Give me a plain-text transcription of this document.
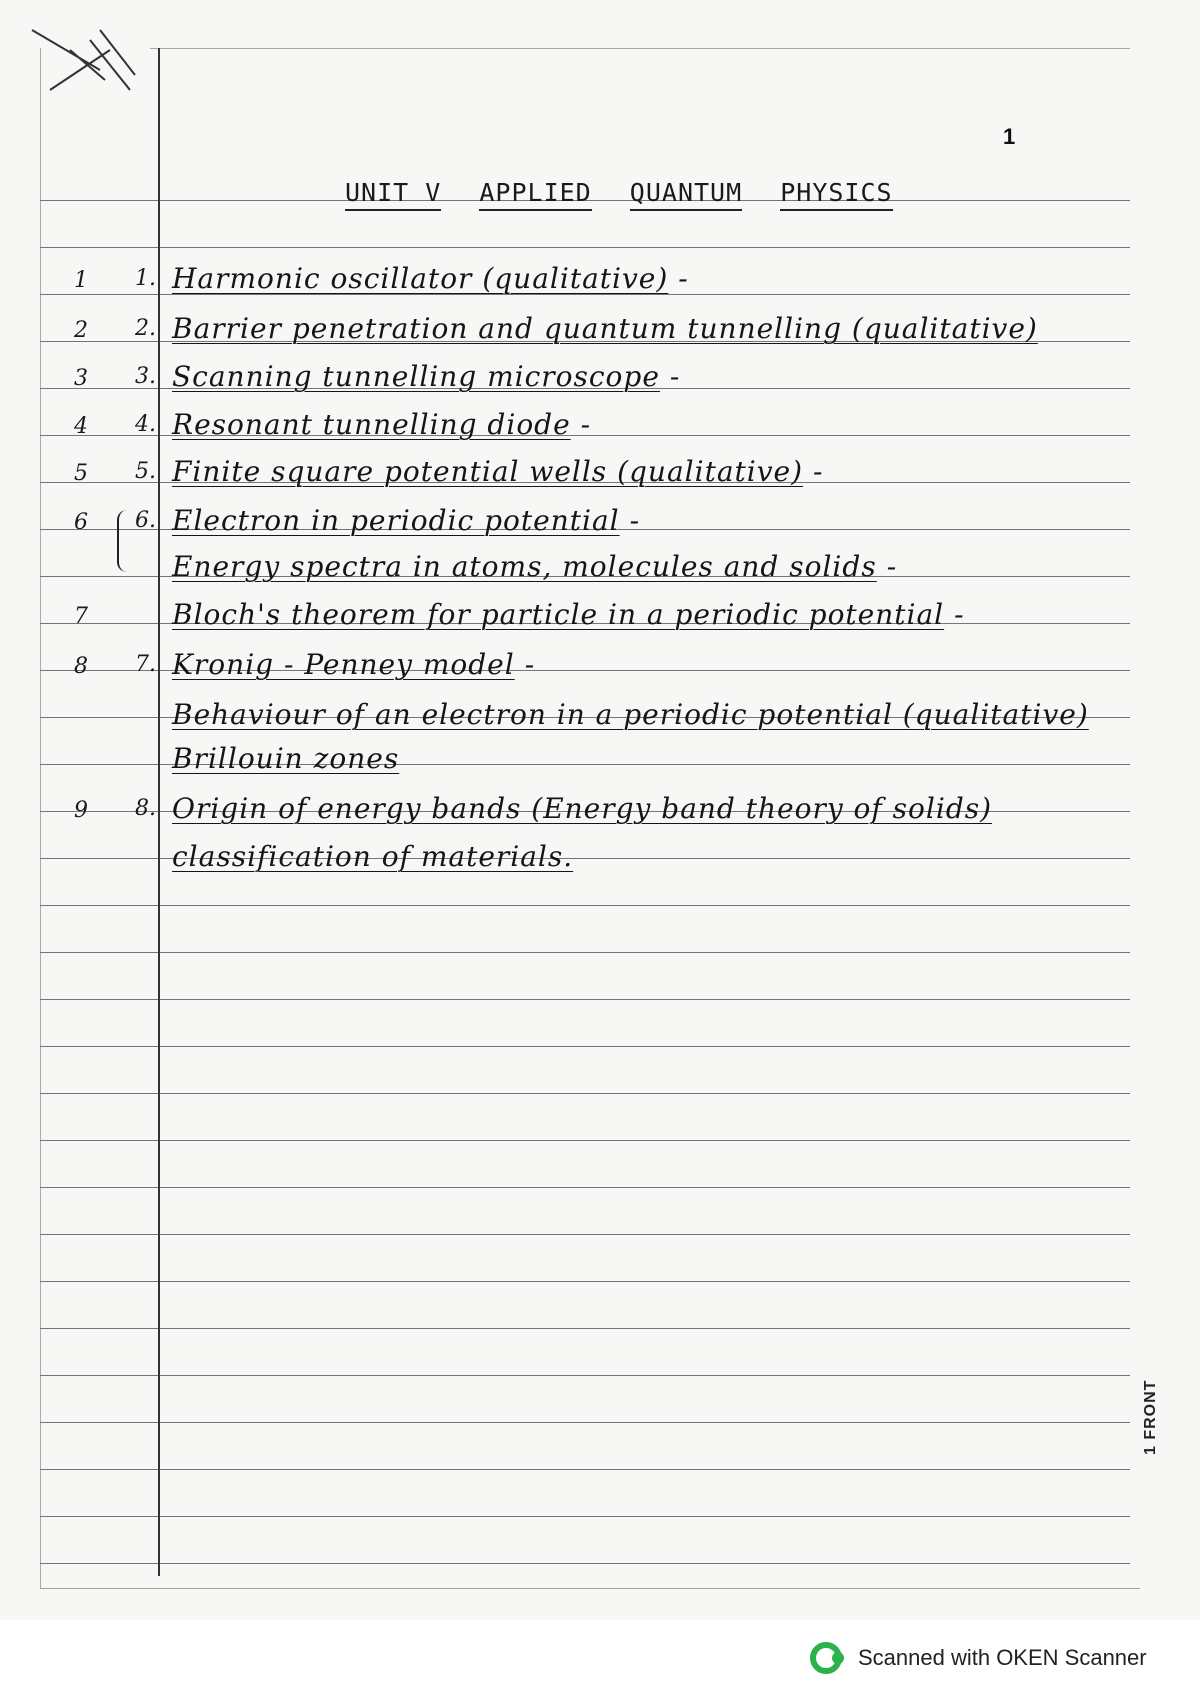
1
UNIT V APPLIED QUANTUM PHYSICS
1	1. Harmonic oscillator (qualitative) -
2	2. Barrier penetration and quantum tunnelling (qualitative)
3	3. Scanning tunnelling microscope -
4	4. Resonant tunnelling diode -
5	5. Finite square potential wells (qualitative) -
6	6. Electron in periodic potential -
Energy spectra in atoms, molecules and solids -
7	Bloch's theorem for particle in a periodic potential -
8	7. Kronig - Penney model -
Behaviour of an electron in a periodic potential (qualitative)
Brillouin zones
9	8. Origin of energy bands (Energy band theory of solids)
classification of materials.
1 FRONT
Scanned with OKEN Scanner
